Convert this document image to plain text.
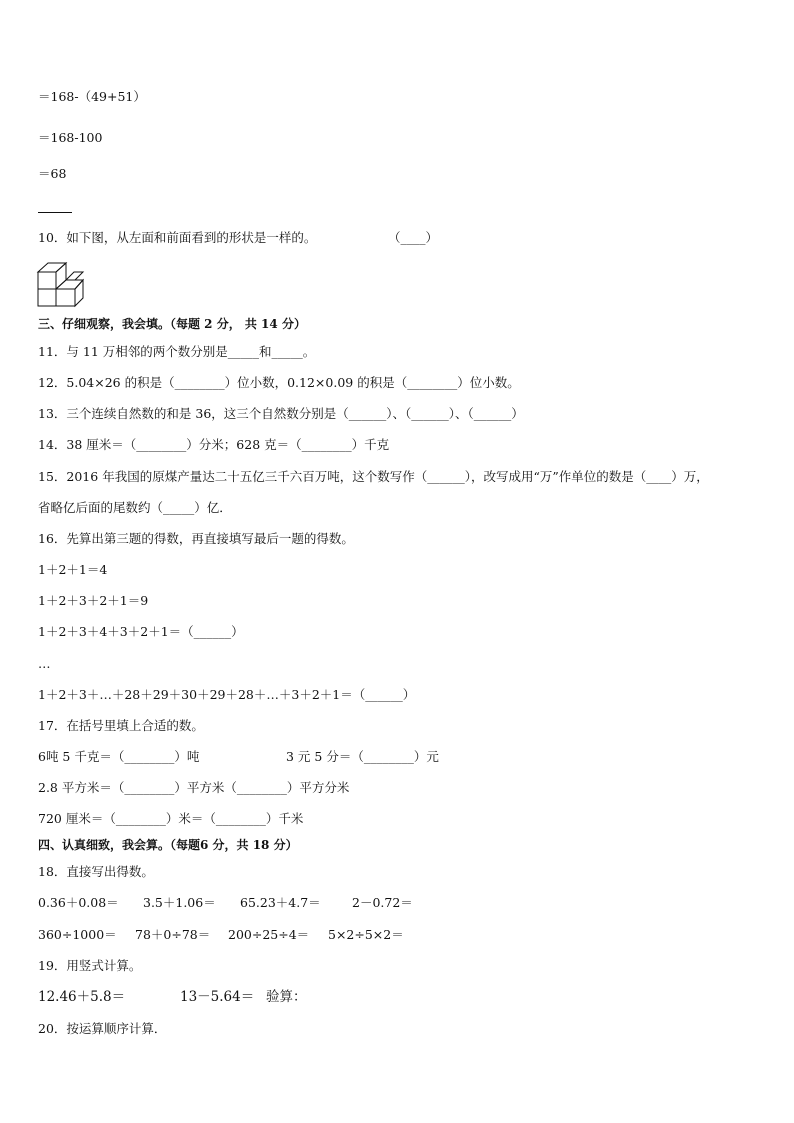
＝168-（49+51）
＝168-100
＝68
10．如下图，从左面和前面看到的形状是一样的。	（____）
三、仔细观察，我会填。（每题 2 分， 共 14 分）
11．与 11 万相邻的两个数分别是_____和_____。
12．5.04×26 的积是（________）位小数，0.12×0.09 的积是（________）位小数。
13．三个连续自然数的和是 36，这三个自然数分别是（______）、（______）、（______）
14．38 厘米＝（________）分米；628 克＝（________）千克
15．2016 年我国的原煤产量达二十五亿三千六百万吨，这个数写作（______），改写成用“万”作单位的数是（____）万，
省略亿后面的尾数约（_____）亿．
16．先算出第三题的得数，再直接填写最后一题的得数。
1＋2＋1＝4
1＋2＋3＋2＋1＝9
1＋2＋3＋4＋3＋2＋1＝（______）
…
1＋2＋3＋…＋28＋29＋30＋29＋28＋…＋3＋2＋1＝（______）
17．在括号里填上合适的数。
6吨 5 千克＝（________）吨	3 元 5 分＝（________）元
2.8 平方米＝（________）平方米（________）平方分米
720 厘米＝（________）米＝（________）千米
四、认真细致，我会算。（每题6 分，共 18 分）
18．直接写出得数。
0.36＋0.08＝ 3.5＋1.06＝ 65.23＋4.7＝	2－0.72＝
360÷1000＝ 78＋0÷78＝ 200÷25÷4＝ 5×2÷5×2＝
19．用竖式计算。
12.46＋5.8＝	13－5.64＝ 验算：
20．按运算顺序计算．
